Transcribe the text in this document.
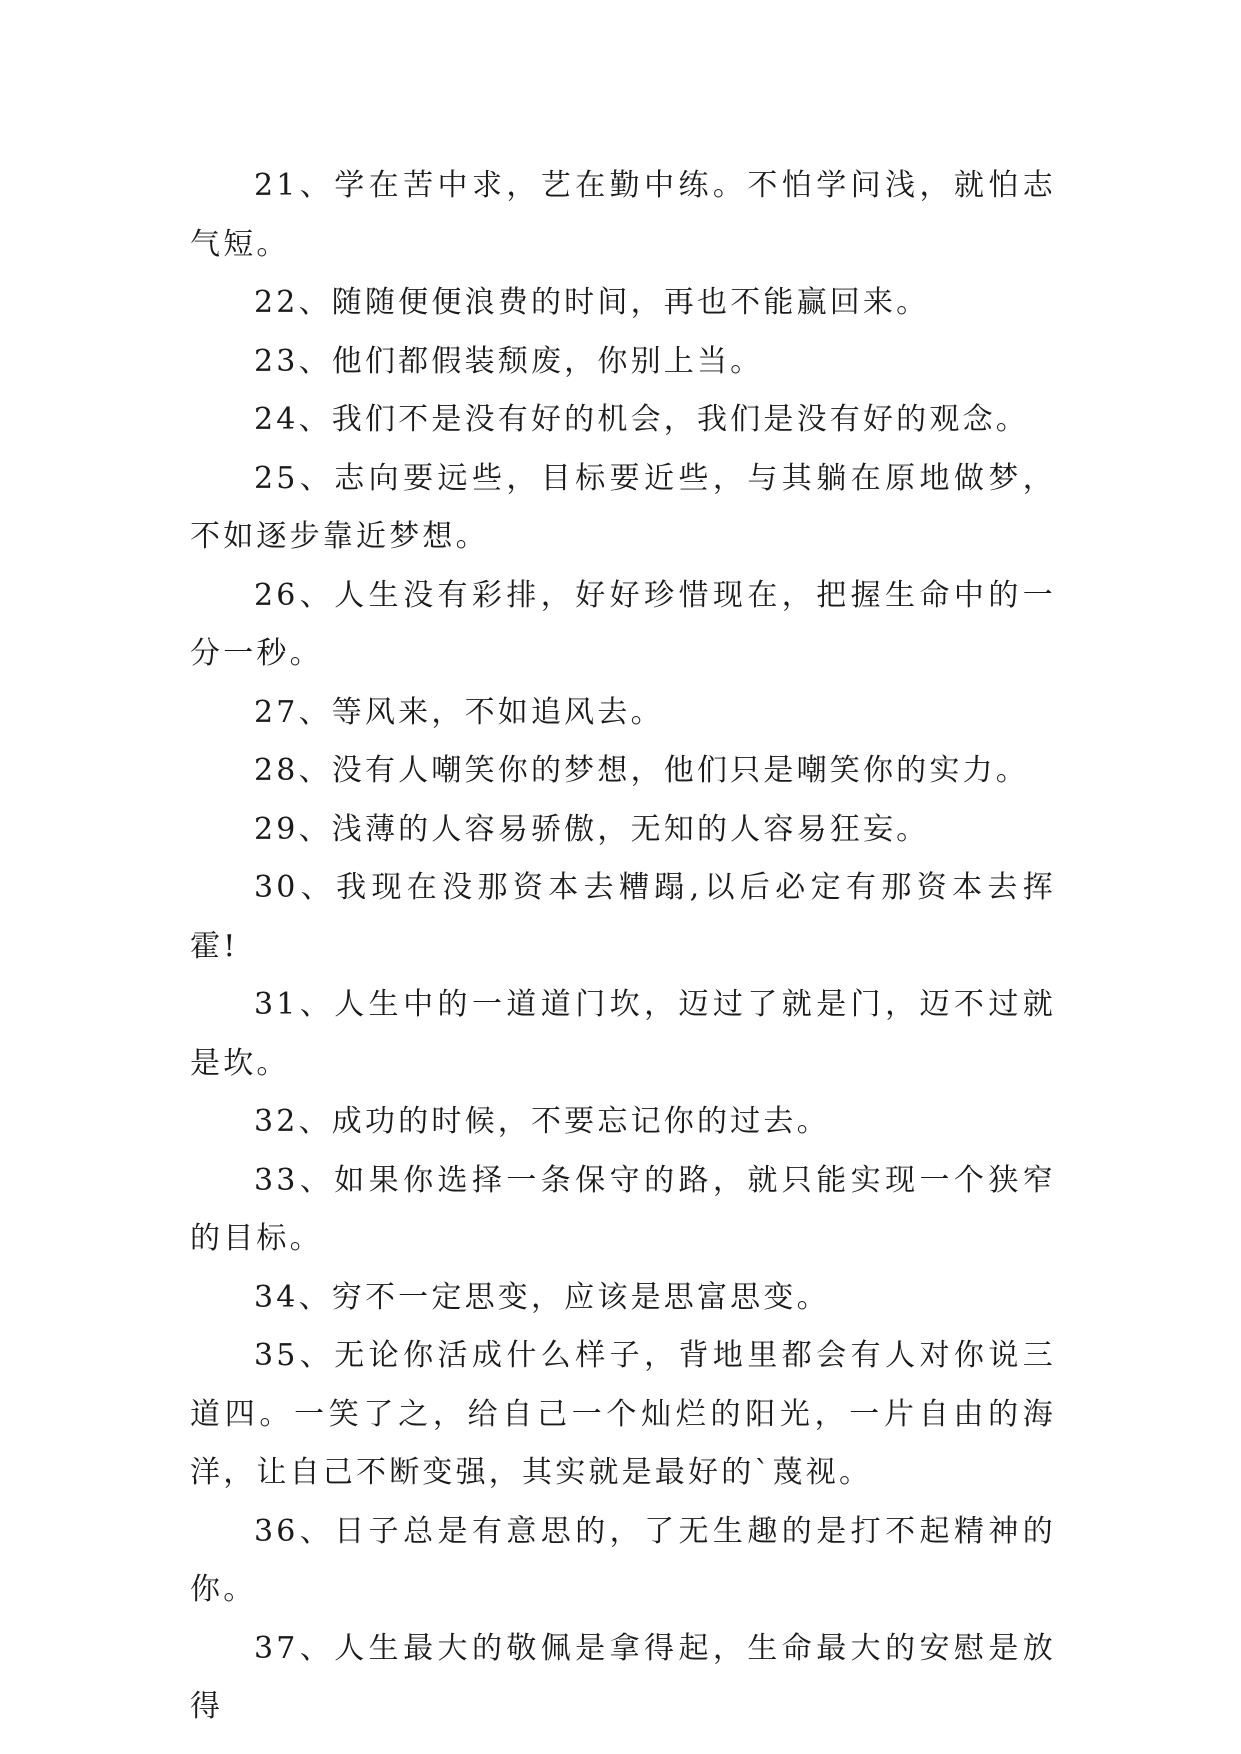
21、学在苦中求，艺在勤中练。不怕学问浅，就怕志气短。

22、随随便便浪费的时间，再也不能赢回来。

23、他们都假装颓废，你别上当。

24、我们不是没有好的机会，我们是没有好的观念。

25、志向要远些，目标要近些，与其躺在原地做梦，不如逐步靠近梦想。

26、人生没有彩排，好好珍惜现在，把握生命中的一分一秒。

27、等风来，不如追风去。

28、没有人嘲笑你的梦想，他们只是嘲笑你的实力。

29、浅薄的人容易骄傲，无知的人容易狂妄。

30、我现在没那资本去糟蹋,以后必定有那资本去挥霍!

31、人生中的一道道门坎，迈过了就是门，迈不过就是坎。

32、成功的时候，不要忘记你的过去。

33、如果你选择一条保守的路，就只能实现一个狭窄的目标。

34、穷不一定思变，应该是思富思变。

35、无论你活成什么样子，背地里都会有人对你说三道四。一笑了之，给自己一个灿烂的阳光，一片自由的海洋，让自己不断变强，其实就是最好的`蔑视。

36、日子总是有意思的，了无生趣的是打不起精神的你。

37、人生最大的敬佩是拿得起，生命最大的安慰是放得
